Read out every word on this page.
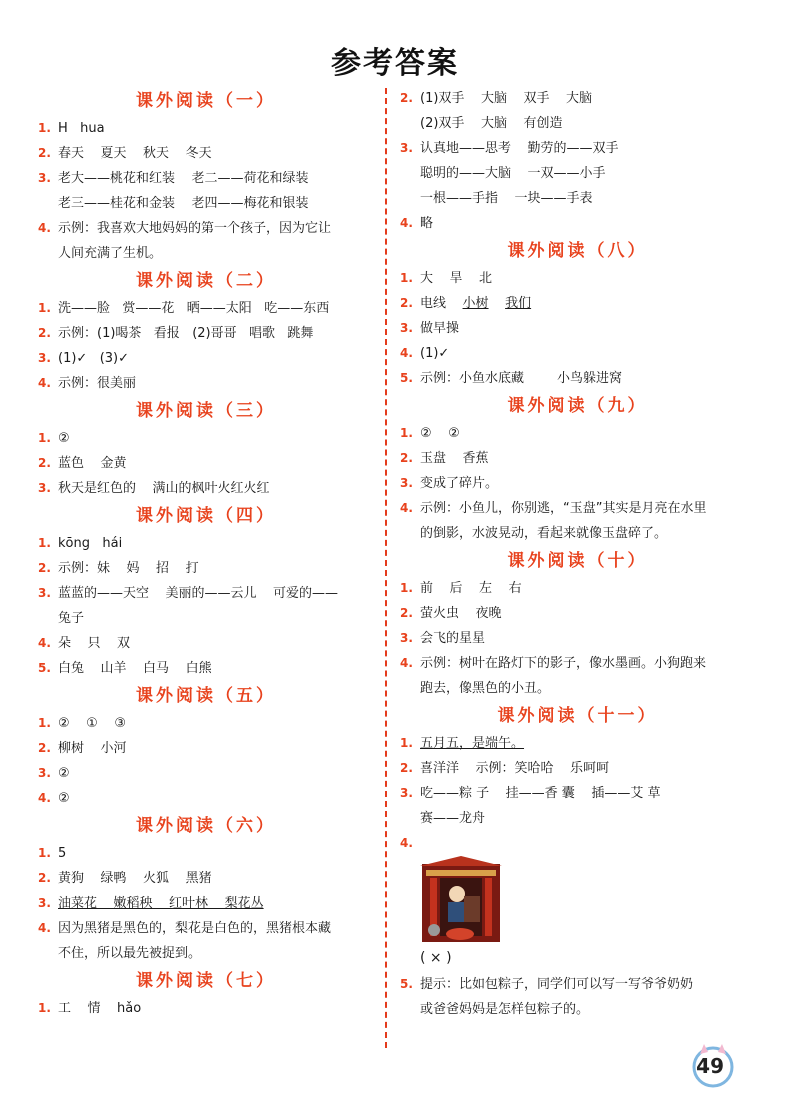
参考答案
课外阅读（一）
1. H   hua
2. 春天    夏天    秋天    冬天
3. 老大——桃花和红装    老二——荷花和绿装
老三——桂花和金装    老四——梅花和银装
4. 示例：我喜欢大地妈妈的第一个孩子，因为它让
人间充满了生机。
课外阅读（二）
1. 洗——脸   赏——花   晒——太阳   吃——东西
2. 示例：(1)喝茶   看报   (2)哥哥   唱歌   跳舞
3. (1)✓   (3)✓
4. 示例：很美丽
课外阅读（三）
1. ②
2. 蓝色    金黄
3. 秋天是红色的    满山的枫叶火红火红
课外阅读（四）
1. kōng   hái
2. 示例：妹    妈    招    打
3. 蓝蓝的——天空    美丽的——云儿    可爱的——
兔子
4. 朵    只    双
5. 白兔    山羊    白马    白熊
课外阅读（五）
1. ②    ①    ③
2. 柳树    小河
3. ②
4. ②
课外阅读（六）
1. 5
2. 黄狗    绿鸭    火狐    黑猪
3. 油菜花    嫩稻秧    红叶林    梨花丛
4. 因为黑猪是黑色的，梨花是白色的，黑猪根本藏
不住，所以最先被捉到。
课外阅读（七）
1. 工    情    hǎo
2. (1)双手    大脑    双手    大脑
(2)双手    大脑    有创造
3. 认真地——思考    勤劳的——双手
聪明的——大脑    一双——小手
一根——手指    一块——手表
4. 略
课外阅读（八）
1. 大    旱    北
2. 电线    小树 我们
3. 做早操
4. (1)✓
5. 示例：小鱼水底藏        小鸟躲进窝
课外阅读（九）
1. ②    ②
2. 玉盘    香蕉
3. 变成了碎片。
4. 示例：小鱼儿，你别逃，“玉盘”其实是月亮在水里
的倒影，水波晃动，看起来就像玉盘碎了。
课外阅读（十）
1. 前    后    左    右
2. 萤火虫    夜晚
3. 会飞的星星
4. 示例：树叶在路灯下的影子，像水墨画。小狗跑来
跑去，像黑色的小丑。
课外阅读（十一）
1. 五月五，是端午。
2. 喜洋洋    示例：笑哈哈    乐呵呵
3. 吃——粽 子    挂——香 囊    插——艾 草
赛——龙舟
4.
( × )
5. 提示：比如包粽子，同学们可以写一写爷爷奶奶
或爸爸妈妈是怎样包粽子的。
49
